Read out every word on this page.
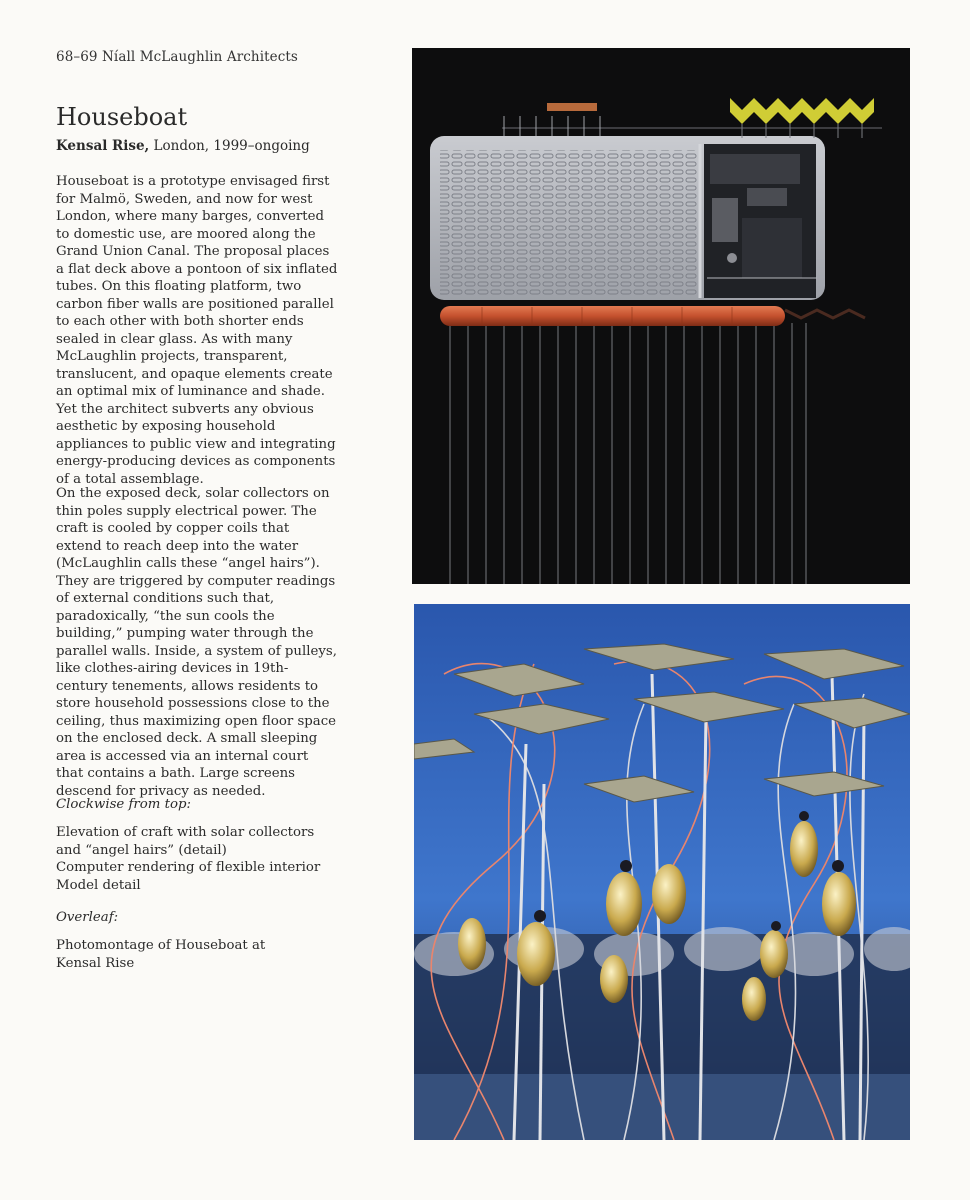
68–69 Níall McLaughlin Architects
Houseboat
Kensal Rise, London, 1999–ongoing

Houseboat is a prototype envisaged first for Malmö, Sweden, and now for west London, where many barges, converted to domestic use, are moored along the Grand Union Canal. The proposal places a flat deck above a pontoon of six inflated tubes. On this floating platform, two carbon fiber walls are positioned parallel to each other with both shorter ends sealed in clear glass. As with many McLaughlin projects, transparent, translucent, and opaque elements create an optimal mix of luminance and shade. Yet the architect subverts any obvious aesthetic by exposing household appliances to public view and integrating energy-producing devices as components of a total assemblage.

On the exposed deck, solar collectors on thin poles supply electrical power. The craft is cooled by copper coils that extend to reach deep into the water (McLaughlin calls these “angel hairs”). They are triggered by computer readings of external conditions such that, paradoxically, “the sun cools the building,” pumping water through the parallel walls. Inside, a system of pulleys, like clothes-airing devices in 19th-century tenements, allows residents to store household possessions close to the ceiling, thus maximizing open floor space on the enclosed deck. A small sleeping area is accessed via an internal court that contains a bath. Large screens descend for privacy as needed.

Clockwise from top:
Elevation of craft with solar collectors and “angel hairs” (detail)
Computer rendering of flexible interior
Model detail
Overleaf:
Photomontage of Houseboat at Kensal Rise
